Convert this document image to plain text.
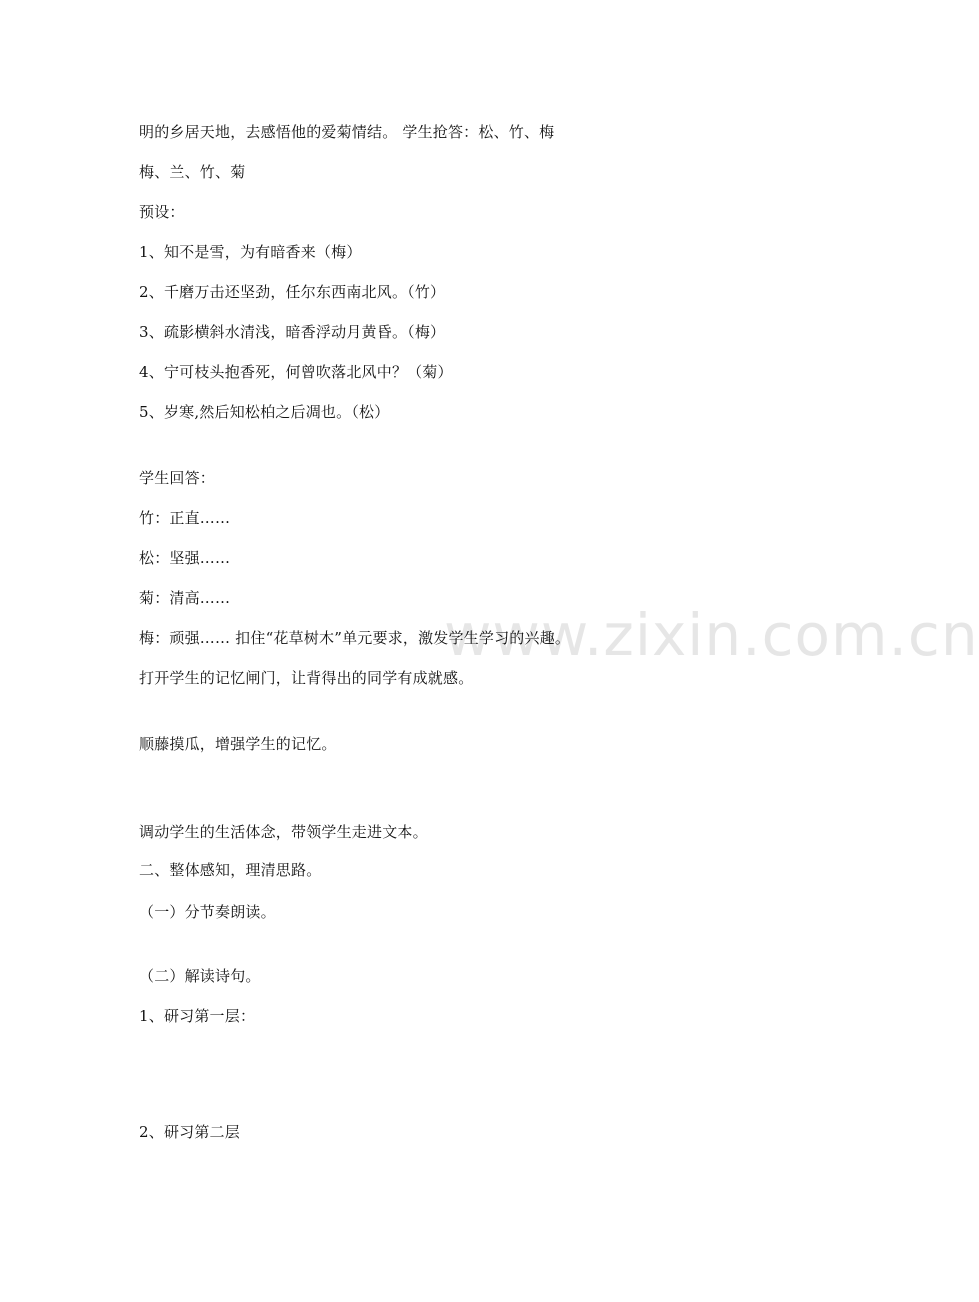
www.zixin.com.cn
明的乡居天地，去感悟他的爱菊情结。 学生抢答：松、竹、梅
梅、兰、竹、菊
预设：
1、知不是雪，为有暗香来（梅）
2、千磨万击还坚劲，任尔东西南北风。（竹）
3、疏影横斜水清浅，暗香浮动月黄昏。（梅）
4、宁可枝头抱香死，何曾吹落北风中？（菊）
5、岁寒,然后知松柏之后凋也。（松）
学生回答：
竹：正直……
松：坚强……
菊：清高……
梅：顽强…… 扣住“花草树木”单元要求，激发学生学习的兴趣。
打开学生的记忆闸门，让背得出的同学有成就感。
顺藤摸瓜，增强学生的记忆。
调动学生的生活体念，带领学生走进文本。
二、整体感知，理清思路。
（一）分节奏朗读。
（二）解读诗句。
1、研习第一层：
2、研习第二层
